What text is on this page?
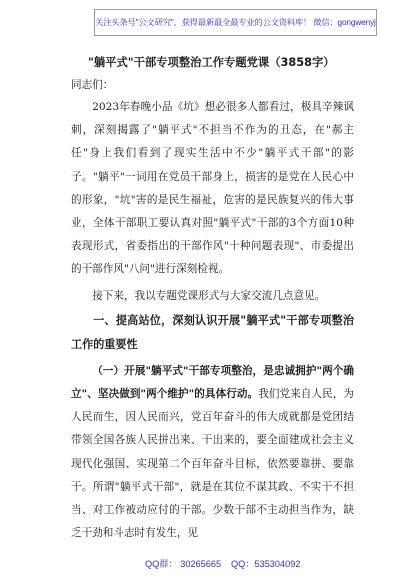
关注头条号"公文研究"，获得最新最全最专业的公文资料库！ 微信：gongwenyj
"躺平式"干部专项整治工作专题党课（3858字）
同志们：

2023年春晚小品《坑》想必很多人都看过，极具辛辣讽刺，深刻揭露了"躺平式"不担当不作为的丑态，在"郝主任"身上我们看到了现实生活中不少"躺平式干部"的影子。"躺平"一词用在党员干部身上，损害的是党在人民心中的形象，"坑"害的是民生福祉，危害的是民族复兴的伟大事业，全体干部职工要认真对照"躺平式"干部的3个方面10种表现形式，省委指出的干部作风"十种问题表现"、市委提出的干部作风"八问"进行深刻检视。

接下来，我以专题党课形式与大家交流几点意见。

一、提高站位，深刻认识开展"躺平式"干部专项整治工作的重要性

（一）开展"躺平式"干部专项整治，是忠诚拥护"两个确立"、坚决做到"两个维护"的具体行动。我们党来自人民，为人民而生，因人民而兴，党百年奋斗的伟大成就都是党团结带领全国各族人民拼出来、干出来的，要全面建成社会主义现代化强国、实现第二个百年奋斗目标，依然要靠拼、要靠干。所谓"躺平式干部"，就是在其位不谋其政、不实干不担当、对工作被动应付的干部。少数干部不主动担当作为，缺乏干劲和斗志时有发生，见

QQ群： 30265665 QQ：535304092
